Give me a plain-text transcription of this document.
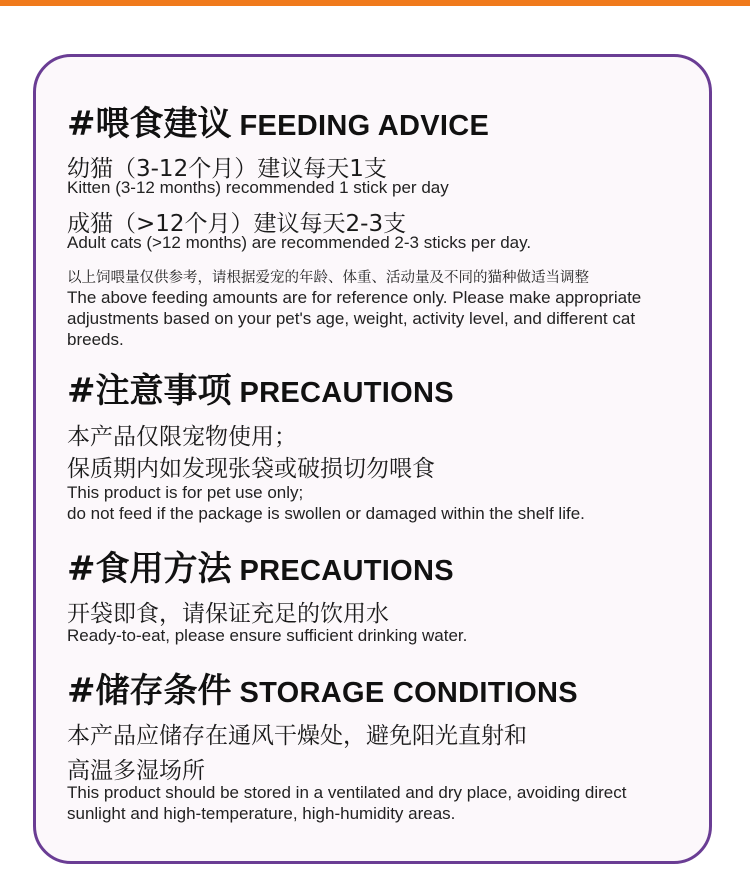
#喂食建议 FEEDING ADVICE
幼猫（3-12个月）建议每天1支
Kitten (3-12 months) recommended 1 stick per day
成猫（>12个月）建议每天2-3支
Adult cats (>12 months) are recommended 2-3 sticks per day.
以上饲喂量仅供参考，请根据爱宠的年龄、体重、活动量及不同的猫种做适当调整
The above feeding amounts are for reference only. Please make appropriate
adjustments based on your pet's age, weight, activity level, and different cat
breeds.
#注意事项 PRECAUTIONS
本产品仅限宠物使用；
保质期内如发现张袋或破损切勿喂食
This product is for pet use only;
do not feed if the package is swollen or damaged within the shelf life.
#食用方法 PRECAUTIONS
开袋即食，请保证充足的饮用水
Ready-to-eat, please ensure sufficient drinking water.
#储存条件 STORAGE CONDITIONS
本产品应储存在通风干燥处，避免阳光直射和
高温多湿场所
This product should be stored in a ventilated and dry place, avoiding direct
sunlight and high-temperature, high-humidity areas.
